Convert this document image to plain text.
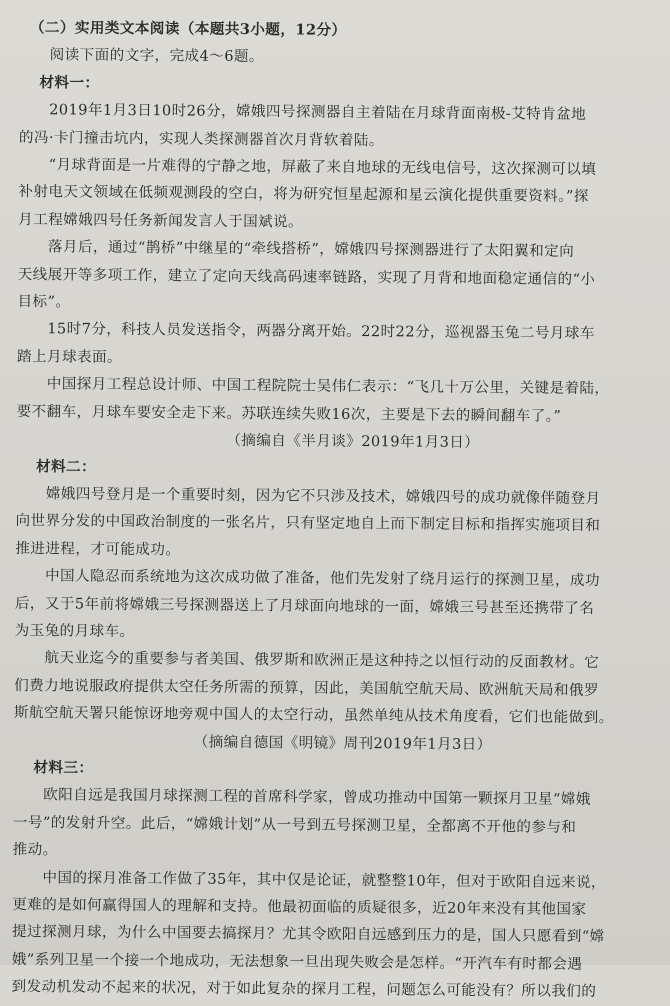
（二）实用类文本阅读（本题共3小题，12分）
阅读下面的文字，完成4～6题。
材料一：
2019年1月3日10时26分，嫦娥四号探测器自主着陆在月球背面南极-艾特肯盆地
的冯·卡门撞击坑内，实现人类探测器首次月背软着陆。
“月球背面是一片难得的宁静之地，屏蔽了来自地球的无线电信号，这次探测可以填
补射电天文领域在低频观测段的空白，将为研究恒星起源和星云演化提供重要资料。”探
月工程嫦娥四号任务新闻发言人于国斌说。
落月后，通过“鹊桥”中继星的“牵线搭桥”，嫦娥四号探测器进行了太阳翼和定向
天线展开等多项工作，建立了定向天线高码速率链路，实现了月背和地面稳定通信的“小
目标”。
15时7分，科技人员发送指令，两器分离开始。22时22分，巡视器玉兔二号月球车
踏上月球表面。
中国探月工程总设计师、中国工程院院士吴伟仁表示：“飞几十万公里，关键是着陆，
要不翻车，月球车要安全走下来。苏联连续失败16次，主要是下去的瞬间翻车了。”
（摘编自《半月谈》2019年1月3日）
材料二：
嫦娥四号登月是一个重要时刻，因为它不只涉及技术，嫦娥四号的成功就像伴随登月
向世界分发的中国政治制度的一张名片，只有坚定地自上而下制定目标和指挥实施项目和
推进进程，才可能成功。
中国人隐忍而系统地为这次成功做了准备，他们先发射了绕月运行的探测卫星，成功
后，又于5年前将嫦娥三号探测器送上了月球面向地球的一面，嫦娥三号甚至还携带了名
为玉兔的月球车。
航天业迄今的重要参与者美国、俄罗斯和欧洲正是这种持之以恒行动的反面教材。它
们费力地说服政府提供太空任务所需的预算，因此，美国航空航天局、欧洲航天局和俄罗
斯航空航天署只能惊讶地旁观中国人的太空行动，虽然单纯从技术角度看，它们也能做到。
（摘编自德国《明镜》周刊2019年1月3日）
材料三：
欧阳自远是我国月球探测工程的首席科学家，曾成功推动中国第一颗探月卫星“嫦娥
一号”的发射升空。此后，“嫦娥计划”从一号到五号探测卫星，全都离不开他的参与和
推动。
中国的探月准备工作做了35年，其中仅是论证，就整整10年，但对于欧阳自远来说，
更难的是如何赢得国人的理解和支持。他最初面临的质疑很多，近20年来没有其他国家
提过探测月球，为什么中国要去搞探月？尤其令欧阳自远感到压力的是，国人只愿看到“嫦
娥”系列卫星一个接一个地成功，无法想象一旦出现失败会是怎样。“开汽车有时都会遇
到发动机发动不起来的状况，对于如此复杂的探月工程，问题怎么可能没有？所以我们的
